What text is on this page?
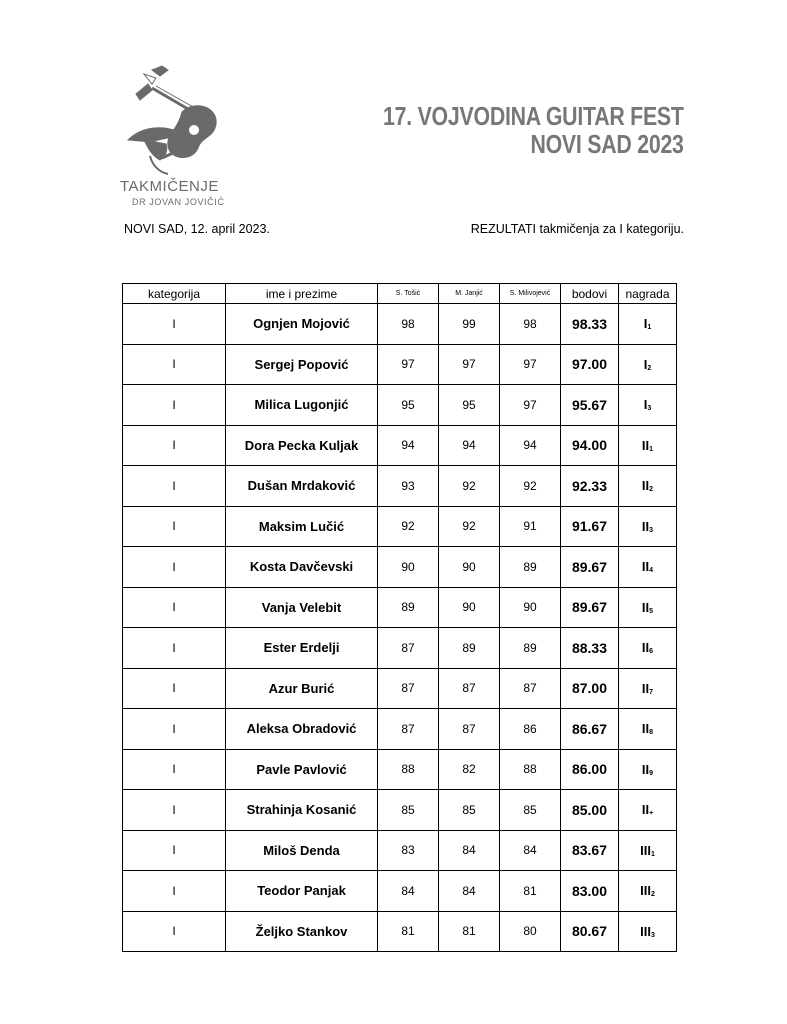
TAKMIČENJE
DR JOVAN JOVIČIĆ
17. VOJVODINA GUITAR FEST
NOVI SAD 2023
NOVI SAD, 12. april 2023.	REZULTATI takmičenja za I kategoriju.
kategorija	ime i prezime	S. Tošić	M. Janjić	S. Milivojević	bodovi	nagrada
I	Ognjen Mojović	98	99	98	98.33	$I_1$
I	Sergej Popović	97	97	97	97.00	$I_2$
I	Milica Lugonjić	95	95	97	95.67	$I_3$
I	Dora Pecka Kuljak	94	94	94	94.00	$II_1$
I	Dušan Mrdaković	93	92	92	92.33	$II_2$
I	Maksim Lučić	92	92	91	91.67	$II_3$
I	Kosta Davčevski	90	90	89	89.67	$II_4$
I	Vanja Velebit	89	90	90	89.67	$II_5$
I	Ester Erdelji	87	89	89	88.33	$II_6$
I	Azur Burić	87	87	87	87.00	$II_7$
I	Aleksa Obradović	87	87	86	86.67	$II_8$
I	Pavle Pavlović	88	82	88	86.00	$II_9$
I	Strahinja Kosanić	85	85	85	85.00	$II_+$
I	Miloš Denda	83	84	84	83.67	$III_1$
I	Teodor Panjak	84	84	81	83.00	$III_2$
I	Željko Stankov	81	81	80	80.67	$III_3$
